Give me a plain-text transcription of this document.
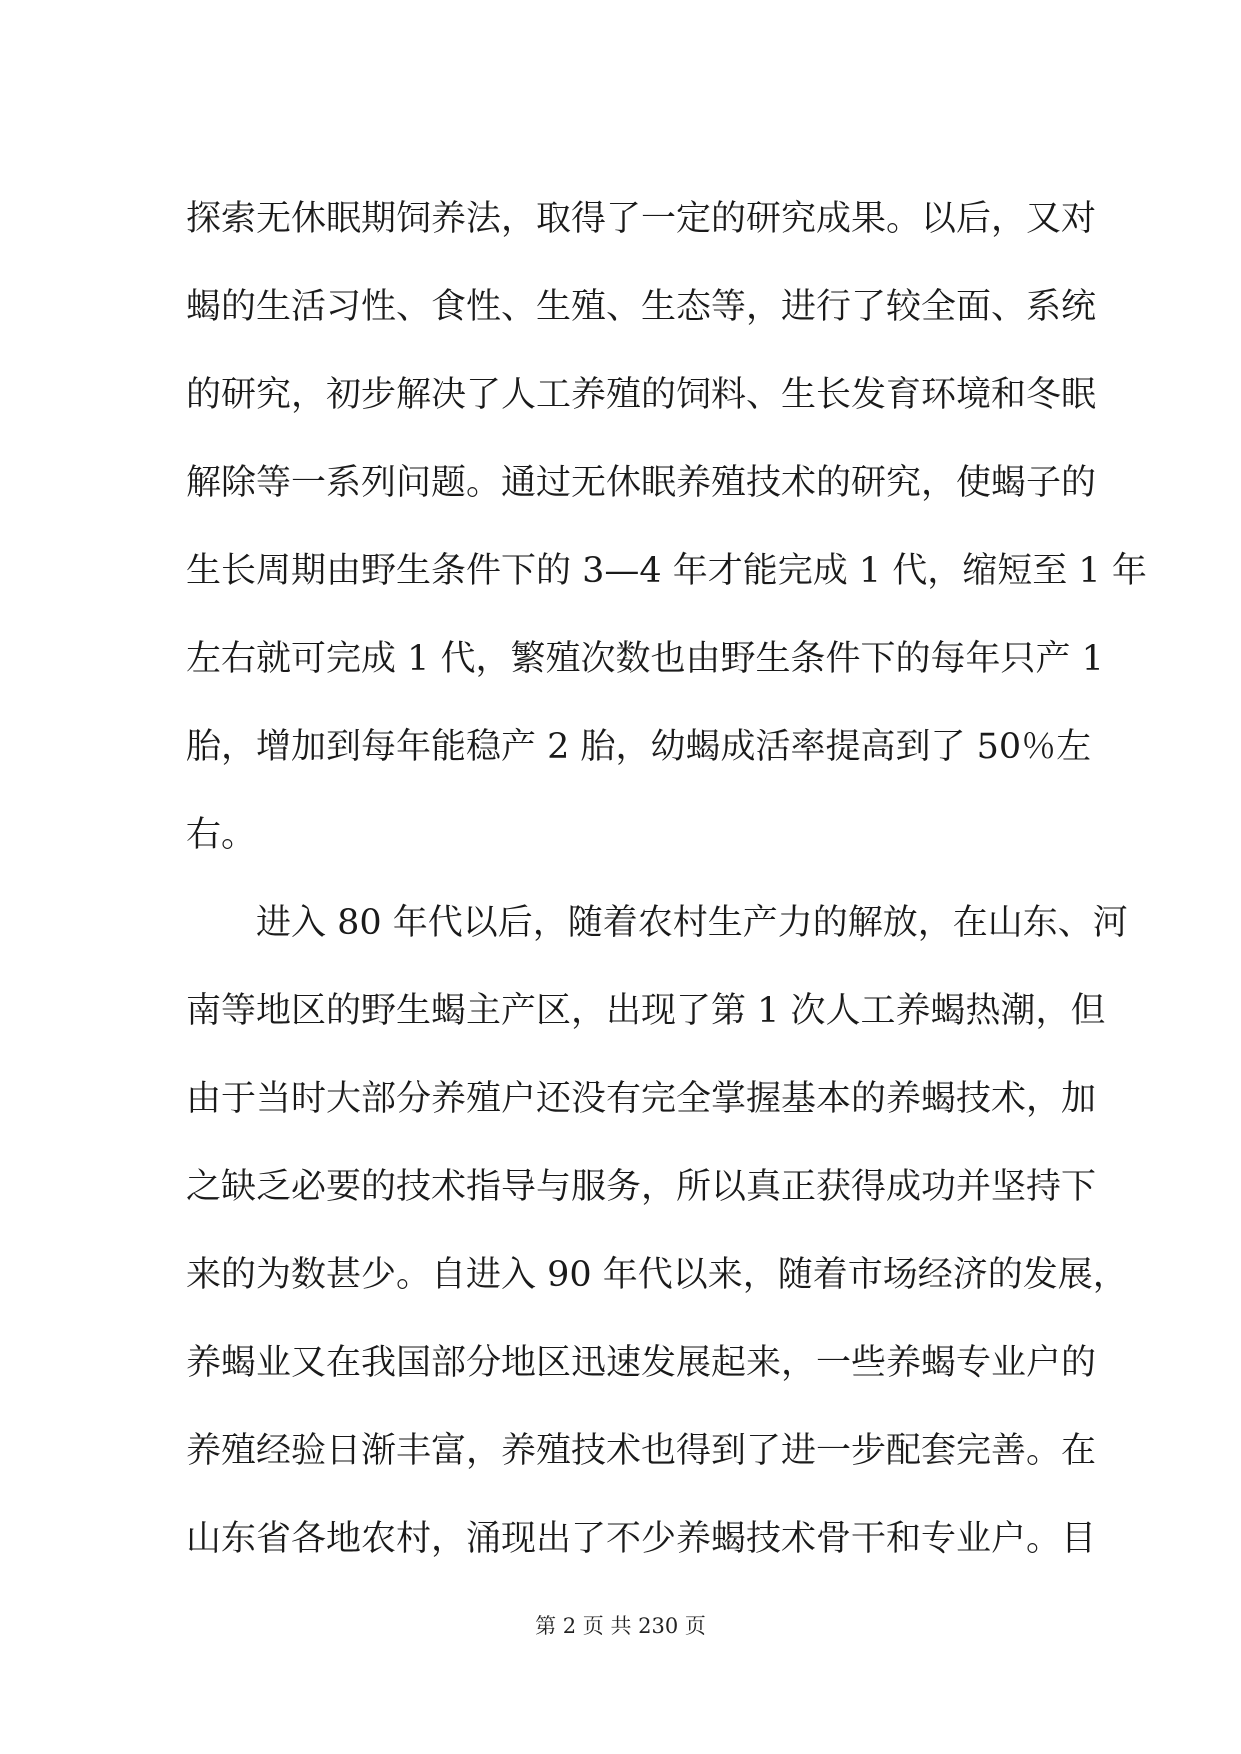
探索无休眠期饲养法，取得了一定的研究成果。以后，又对
蝎的生活习性、食性、生殖、生态等，进行了较全面、系统
的研究，初步解决了人工养殖的饲料、生长发育环境和冬眠
解除等一系列问题。通过无休眠养殖技术的研究，使蝎子的
生长周期由野生条件下的 3—4 年才能完成 1 代，缩短至 1 年
左右就可完成 1 代，繁殖次数也由野生条件下的每年只产 1
胎，增加到每年能稳产 2 胎，幼蝎成活率提高到了 50％左
右。
进入 80 年代以后，随着农村生产力的解放，在山东、河
南等地区的野生蝎主产区，出现了第 1 次人工养蝎热潮，但
由于当时大部分养殖户还没有完全掌握基本的养蝎技术，加
之缺乏必要的技术指导与服务，所以真正获得成功并坚持下
来的为数甚少。自进入 90 年代以来，随着市场经济的发展，
养蝎业又在我国部分地区迅速发展起来，一些养蝎专业户的
养殖经验日渐丰富，养殖技术也得到了进一步配套完善。在
山东省各地农村，涌现出了不少养蝎技术骨干和专业户。目
第 2 页 共 230 页
